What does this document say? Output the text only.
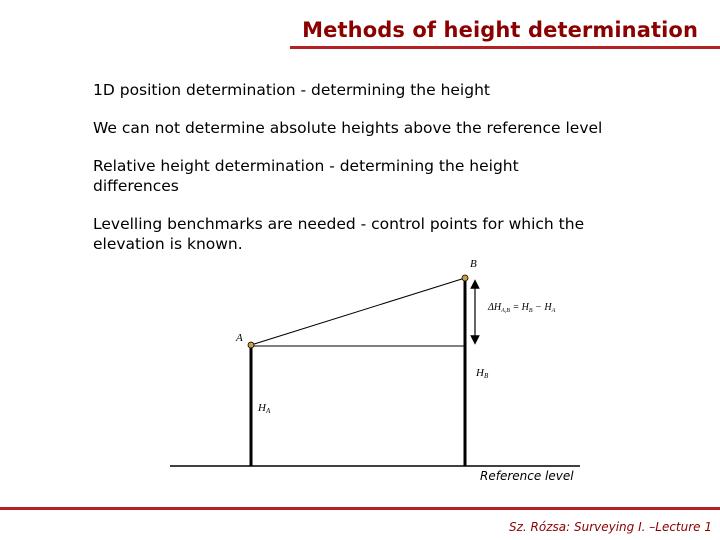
Methods of height determination

1D position determination - determining the height

We can not determine absolute heights above the reference level

Relative height determination - determining the height
differences

Levelling benchmarks are needed - control points for which the
elevation is known.

A
B
HA
HB
$\Delta H_{A,B} = H_B - H_A$
Reference level
Sz. Rózsa: Surveying I. –Lecture 1
